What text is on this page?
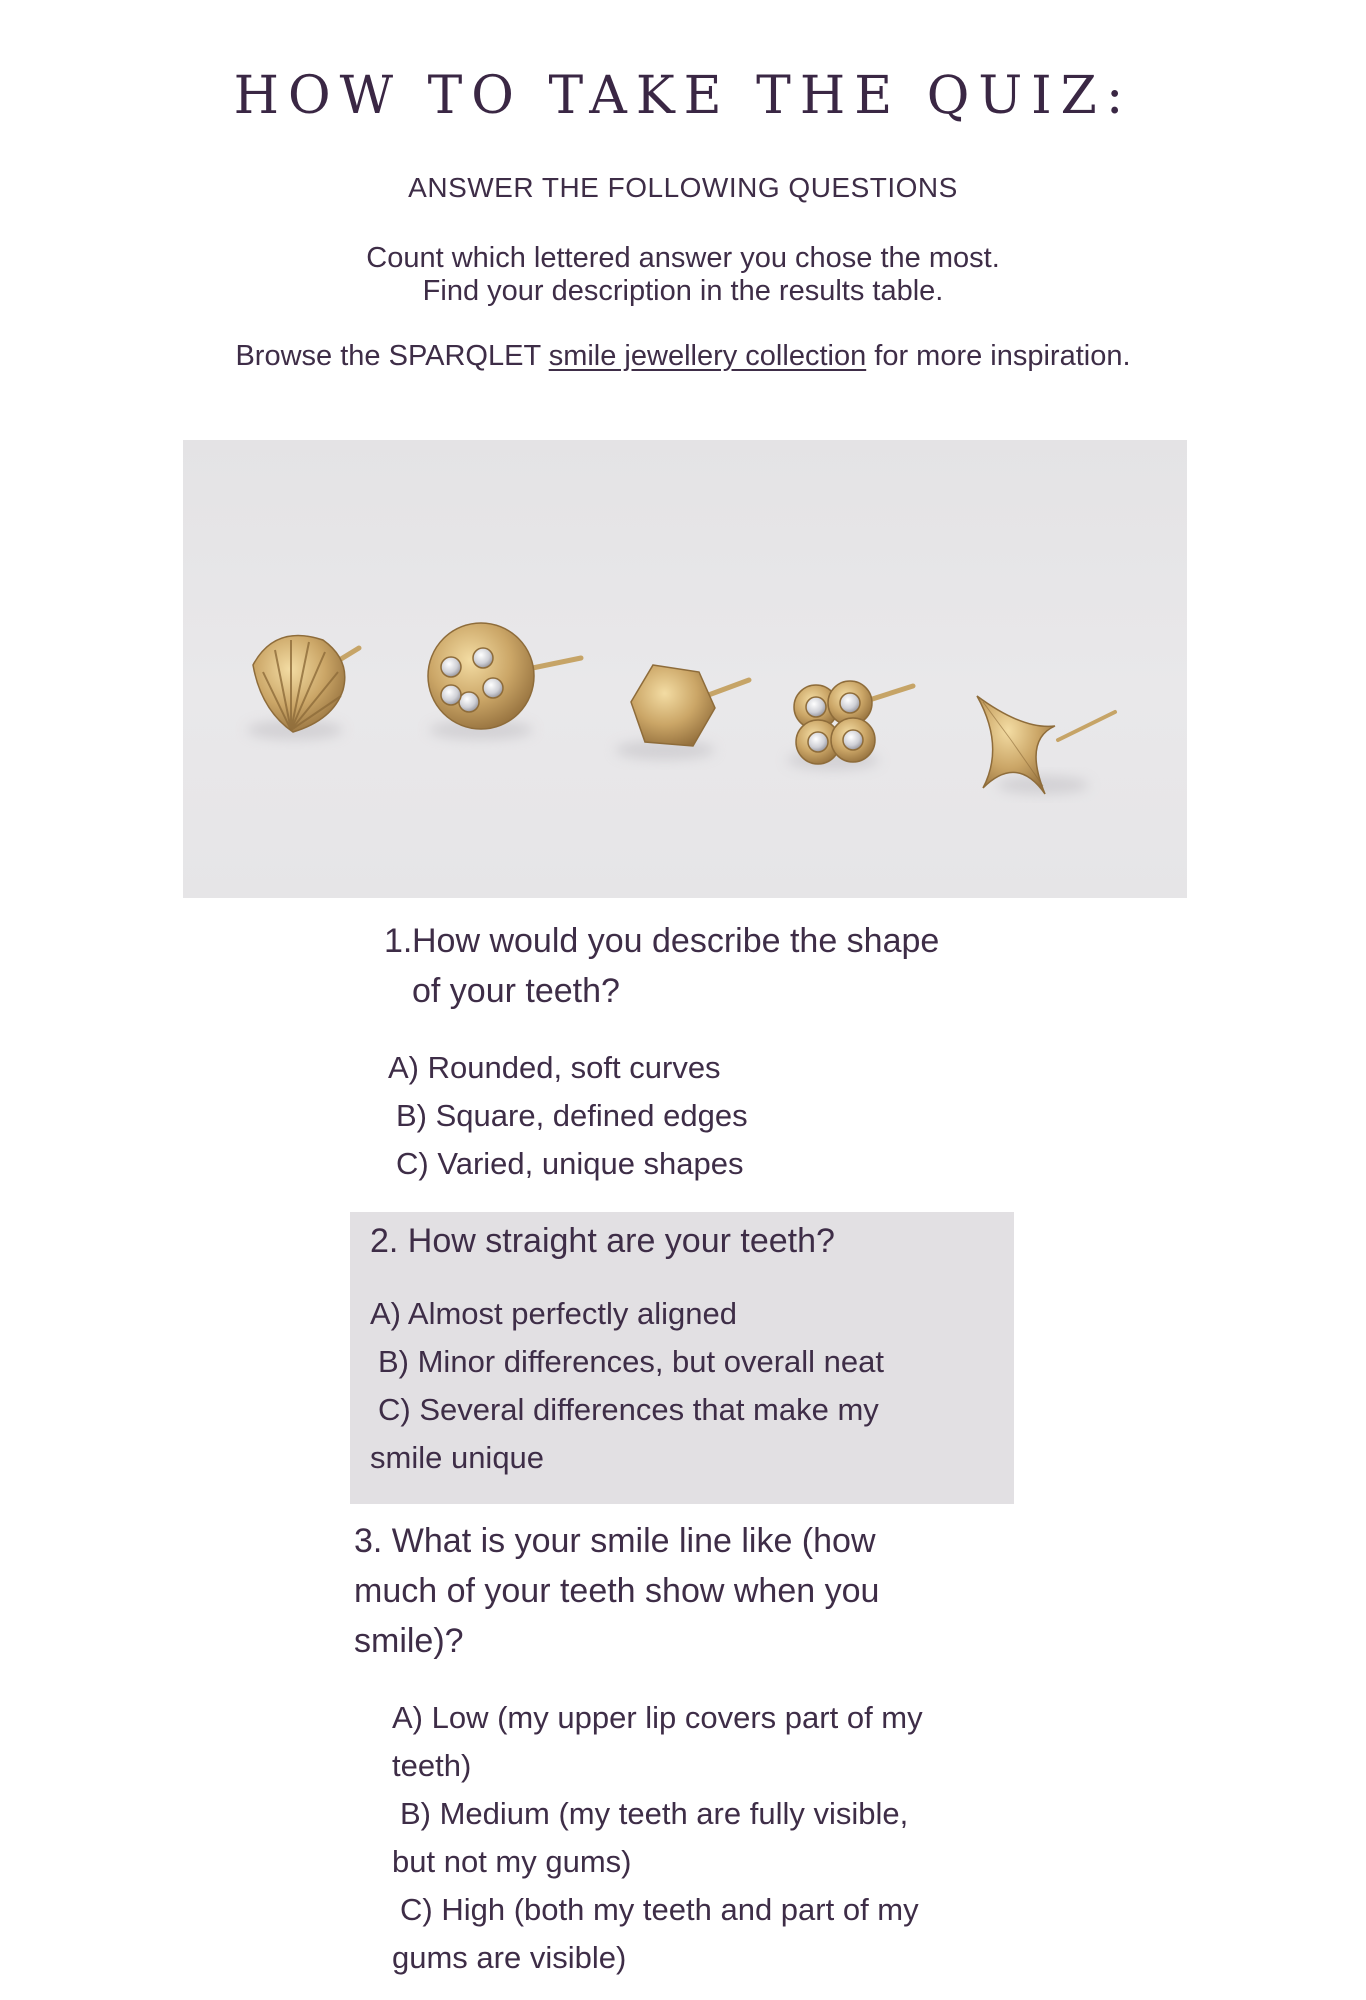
HOW TO TAKE THE QUIZ:
ANSWER THE FOLLOWING QUESTIONS
Count which lettered answer you chose the most.
Find your description in the results table.
Browse the SPARQLET smile jewellery collection for more inspiration.
1. How would you describe the shape
of your teeth?
A) Rounded, soft curves
B) Square, defined edges
C) Varied, unique shapes
2. How straight are your teeth?
A) Almost perfectly aligned
B) Minor differences, but overall neat
C) Several differences that make my
smile unique
3. What is your smile line like (how
much of your teeth show when you
smile)?
A) Low (my upper lip covers part of my
teeth)
B) Medium (my teeth are fully visible,
but not my gums)
C) High (both my teeth and part of my
gums are visible)
